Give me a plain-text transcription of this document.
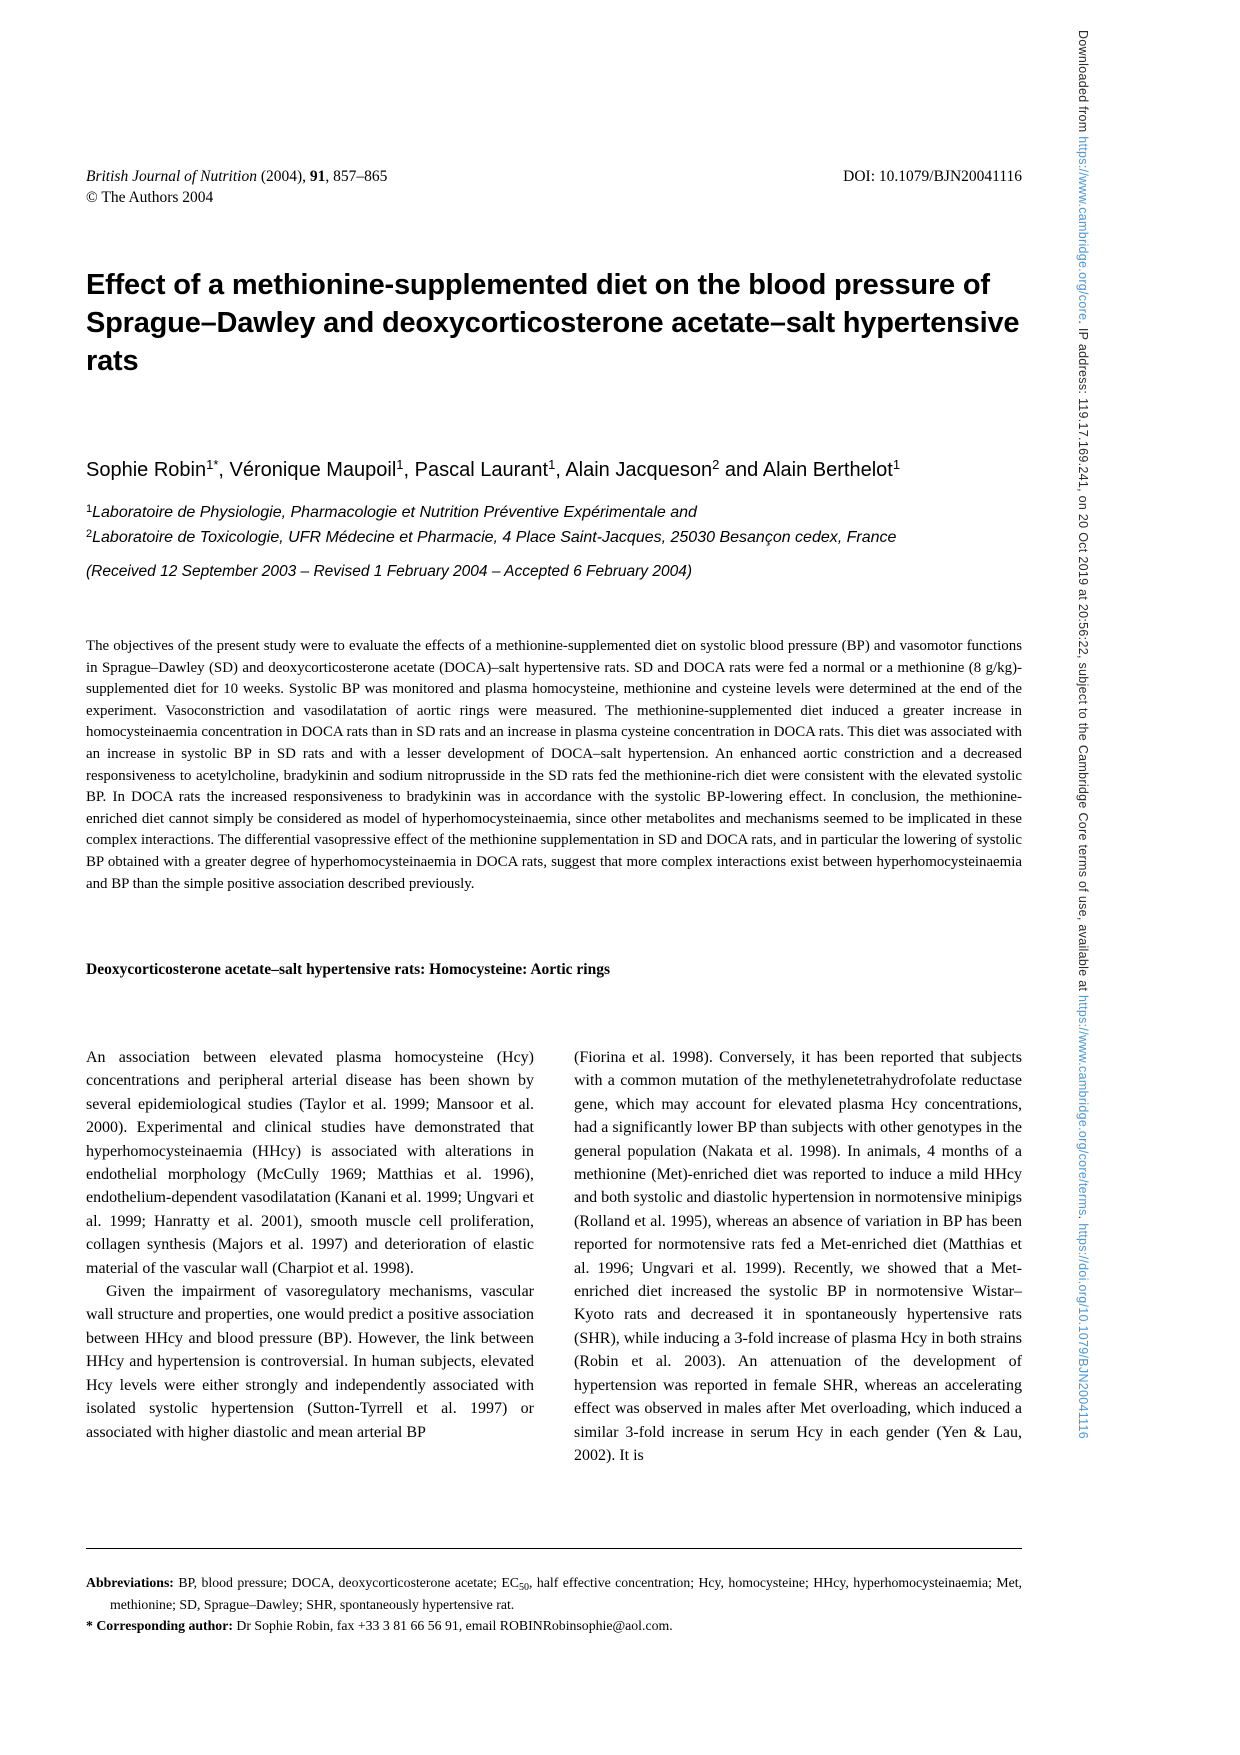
British Journal of Nutrition (2004), 91, 857–865
© The Authors 2004
DOI: 10.1079/BJN20041116
Effect of a methionine-supplemented diet on the blood pressure of Sprague–Dawley and deoxycorticosterone acetate–salt hypertensive rats
Sophie Robin$^{1*}$, Véronique Maupoil$^1$, Pascal Laurant$^1$, Alain Jacqueson$^2$ and Alain Berthelot$^1$
$^1$Laboratoire de Physiologie, Pharmacologie et Nutrition Préventive Expérimentale and
$^2$Laboratoire de Toxicologie, UFR Médecine et Pharmacie, 4 Place Saint-Jacques, 25030 Besançon cedex, France
(Received 12 September 2003 – Revised 1 February 2004 – Accepted 6 February 2004)
The objectives of the present study were to evaluate the effects of a methionine-supplemented diet on systolic blood pressure (BP) and vasomotor functions in Sprague–Dawley (SD) and deoxycorticosterone acetate (DOCA)–salt hypertensive rats. SD and DOCA rats were fed a normal or a methionine (8 g/kg)-supplemented diet for 10 weeks. Systolic BP was monitored and plasma homocysteine, methionine and cysteine levels were determined at the end of the experiment. Vasoconstriction and vasodilatation of aortic rings were measured. The methionine-supplemented diet induced a greater increase in homocysteinaemia concentration in DOCA rats than in SD rats and an increase in plasma cysteine concentration in DOCA rats. This diet was associated with an increase in systolic BP in SD rats and with a lesser development of DOCA–salt hypertension. An enhanced aortic constriction and a decreased responsiveness to acetylcholine, bradykinin and sodium nitroprusside in the SD rats fed the methionine-rich diet were consistent with the elevated systolic BP. In DOCA rats the increased responsiveness to bradykinin was in accordance with the systolic BP-lowering effect. In conclusion, the methionine-enriched diet cannot simply be considered as model of hyperhomocysteinaemia, since other metabolites and mechanisms seemed to be implicated in these complex interactions. The differential vasopressive effect of the methionine supplementation in SD and DOCA rats, and in particular the lowering of systolic BP obtained with a greater degree of hyperhomocysteinaemia in DOCA rats, suggest that more complex interactions exist between hyperhomocysteinaemia and BP than the simple positive association described previously.
Deoxycorticosterone acetate–salt hypertensive rats: Homocysteine: Aortic rings

An association between elevated plasma homocysteine (Hcy) concentrations and peripheral arterial disease has been shown by several epidemiological studies (Taylor et al. 1999; Mansoor et al. 2000). Experimental and clinical studies have demonstrated that hyperhomocysteinaemia (HHcy) is associated with alterations in endothelial morphology (McCully 1969; Matthias et al. 1996), endothelium-dependent vasodilatation (Kanani et al. 1999; Ungvari et al. 1999; Hanratty et al. 2001), smooth muscle cell proliferation, collagen synthesis (Majors et al. 1997) and deterioration of elastic material of the vascular wall (Charpiot et al. 1998).

Given the impairment of vasoregulatory mechanisms, vascular wall structure and properties, one would predict a positive association between HHcy and blood pressure (BP). However, the link between HHcy and hypertension is controversial. In human subjects, elevated Hcy levels were either strongly and independently associated with isolated systolic hypertension (Sutton-Tyrrell et al. 1997) or associated with higher diastolic and mean arterial BP

(Fiorina et al. 1998). Conversely, it has been reported that subjects with a common mutation of the methylenetetrahydrofolate reductase gene, which may account for elevated plasma Hcy concentrations, had a significantly lower BP than subjects with other genotypes in the general population (Nakata et al. 1998). In animals, 4 months of a methionine (Met)-enriched diet was reported to induce a mild HHcy and both systolic and diastolic hypertension in normotensive minipigs (Rolland et al. 1995), whereas an absence of variation in BP has been reported for normotensive rats fed a Met-enriched diet (Matthias et al. 1996; Ungvari et al. 1999). Recently, we showed that a Met-enriched diet increased the systolic BP in normotensive Wistar–Kyoto rats and decreased it in spontaneously hypertensive rats (SHR), while inducing a 3-fold increase of plasma Hcy in both strains (Robin et al. 2003). An attenuation of the development of hypertension was reported in female SHR, whereas an accelerating effect was observed in males after Met overloading, which induced a similar 3-fold increase in serum Hcy in each gender (Yen & Lau, 2002). It is

Abbreviations: BP, blood pressure; DOCA, deoxycorticosterone acetate; $EC_{50}$, half effective concentration; Hcy, homocysteine; HHcy, hyperhomocysteinaemia; Met, methionine; SD, Sprague–Dawley; SHR, spontaneously hypertensive rat.
* Corresponding author: Dr Sophie Robin, fax +33 3 81 66 56 91, email ROBINRobinsophie@aol.com.
Downloaded from https://www.cambridge.org/core. IP address: 119.17.169.241, on 20 Oct 2019 at 20:56:22, subject to the Cambridge Core terms of use, available at https://www.cambridge.org/core/terms. https://doi.org/10.1079/BJN20041116
